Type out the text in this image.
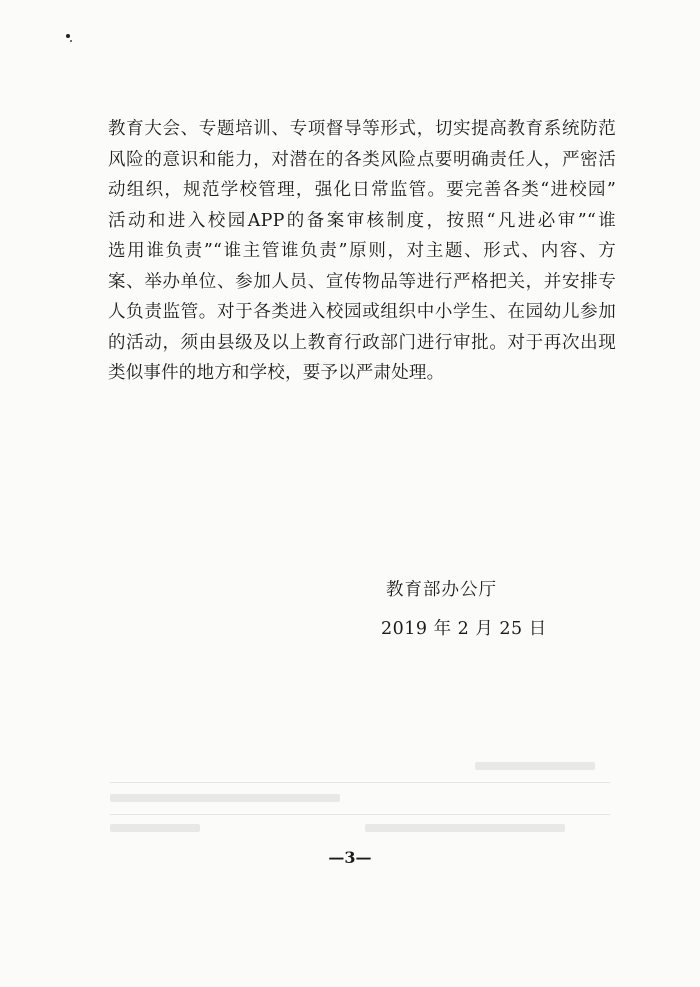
教育大会、专题培训、专项督导等形式，切实提高教育系统防范
风险的意识和能力，对潜在的各类风险点要明确责任人，严密活
动组织，规范学校管理，强化日常监管。要完善各类“进校园”
活动和进入校园APP的备案审核制度，按照“凡进必审”“谁
选用谁负责”“谁主管谁负责”原则，对主题、形式、内容、方
案、举办单位、参加人员、宣传物品等进行严格把关，并安排专
人负责监管。对于各类进入校园或组织中小学生、在园幼儿参加
的活动，须由县级及以上教育行政部门进行审批。对于再次出现
类似事件的地方和学校，要予以严肃处理。
教育部办公厅
2019 年 2 月 25 日
—3—
